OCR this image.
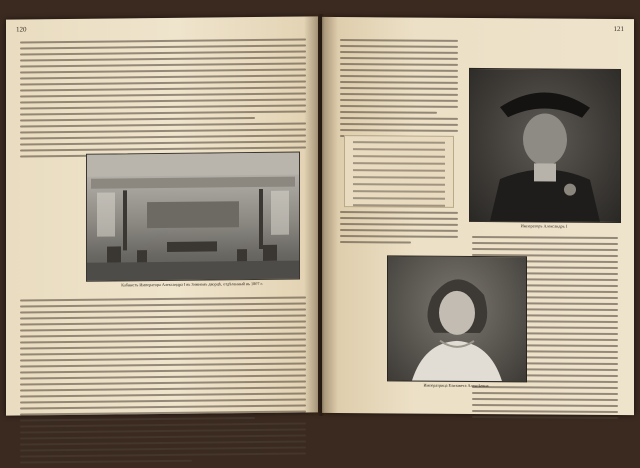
120
Кабинетъ Императора Александра I въ Зимнемъ дворцѣ, отдѣланный въ 1807 г.
121
Императоръ Александръ I
Императрица Елизавета Алексѣевна
